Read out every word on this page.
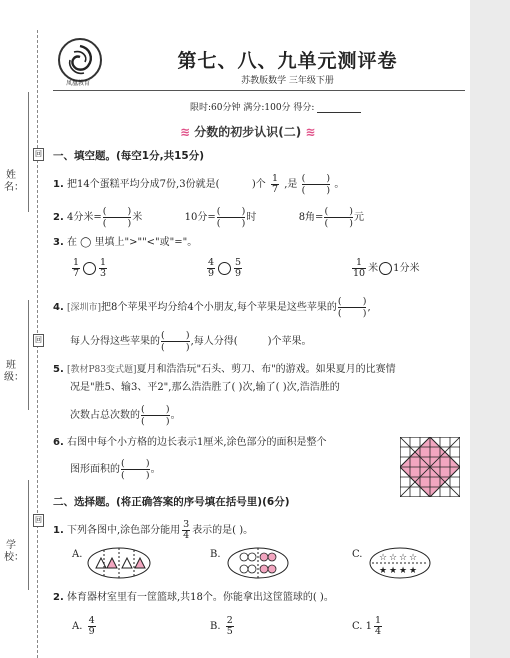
姓名：
班级：
学校：
回
回
回
凤凰教育
第七、八、九单元测评卷
苏教版数学 三年级下册
限时:60分钟 满分:100分 得分:
≋ 分数的初步认识(二) ≋
一、填空题。(每空1分,共15分)
1. 把14个蛋糕平均分成7份,3份就是(	)个 $\frac{1}{7}$ ,是
(       )
(       )
。
2. 4分米=
(       )
(       )
米	10分=
(       )
(       )
时	8角=
(       )
(       )
元
3. 在 ◯ 里填上">""<"或"="。
$\frac{1}{7} \frac{1}{3}$	$\frac{4}{9} \frac{5}{9}$	$\frac{1}{10}$ 米 1分米
4. [深圳市]把8个苹果平均分给4个小朋友,每个苹果是这些苹果的
(       )
(       )
,
每人分得这些苹果的
(       )
(       )
,每人分得(	)个苹果。
5. [教材P83变式题]夏月和浩浩玩"石头、剪刀、布"的游戏。如果夏月的比赛情
况是"胜5、输3、平2",那么浩浩胜了( )次,输了( )次,浩浩胜的
次数占总次数的
(       )
(       )
。
6. 右图中每个小方格的边长表示1厘米,涂色部分的面积是整个
图形面积的
(       )
(       )
。
二、选择题。(将正确答案的序号填在括号里)(6分)
1. 下列各图中,涂色部分能用 $\frac{3}{4}$ 表示的是( )。
A.	B.	C. ☆ ☆ ☆ ☆
★ ★ ★ ★
2. 体育器材室里有一筐篮球,共18个。你能拿出这筐篮球的( )。
A. $\frac{4}{9}$	B. $\frac{2}{5}$	C. $1 \frac{1}{4}$
